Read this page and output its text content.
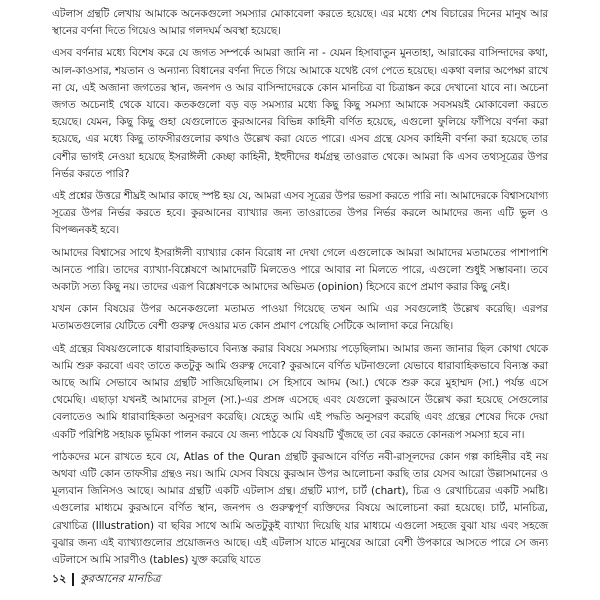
এটলাস গ্রন্থটি লেখায় আমাকে অনেকগুলো সমস্যার মোকাবেলা করতে হয়েছে। এর মধ্যে শেষ বিচারের দিনের মানুষ আর স্থানের বর্ণনা দিতে গিয়েও আমার গলদঘর্ম অবস্থা হয়েছে।

এসব বর্ণনার মধ্যে বিশেষ করে যে জগত সম্পর্কে আমরা জানি না - যেমন হিসাবাতুন মুনতাহা, আরাকের বাসিন্দাদের কথা, আল-কাওসার, শয়তান ও অন্যান্য বিধানের বর্ণনা দিতে গিয়ে আমাকে যথেষ্ট বেগ পেতে হয়েছে। একথা বলার অপেক্ষা রাখে না যে, এই অজানা জগতের স্থান, জনপদ ও আর বাসিন্দাদেরকে কোন মানচিত্র বা চিত্রাঙ্কন করে দেখানো যাবে না। অচেনা জগত অচেনাই থেকে যাবে। কতকগুলো বড় বড় সমস্যার মধ্যে কিছু কিছু সমস্যা আমাকে সবসময়ই মোকাবেলা করতে হয়েছে। যেমন, কিছু কিছু গুহা যেগুলোতে কুরআনের বিভিন্ন কাহিনী বর্ণিত হয়েছে, এগুলো ফুলিয়ে ফাঁপিয়ে বর্ণনা করা হয়েছে, এর মধ্যে কিছু তাফসীরগুলোর কথাও উল্লেখ করা যেতে পারে। এসব গ্রন্থে যেসব কাহিনী বর্ণনা করা হয়েছে তার বেশীর ভাগই নেওয়া হয়েছে ইসরাঈলী কেচ্ছা কাহিনী, ইহুদীদের ধর্মগ্রন্থ তাওরাত থেকে। আমরা কি এসব তথ্যসূত্রের উপর নির্ভর করতে পারি?

এই প্রশ্নের উত্তরে শীঘ্রই আমার কাছে স্পষ্ট হয় যে, আমরা এসব সূত্রের উপর ভরসা করতে পারি না। আমাদেরকে বিশ্বাসযোগ্য সূত্রের উপর নির্ভর করতে হবে। কুরআনের ব্যাখ্যার জন্য তাওরাতের উপর নির্ভর করলে আমাদের জন্য এটি ভুল ও বিপজ্জনকই হবে।

আমাদের বিশ্বাসের সাথে ইসরাঈলী ব্যাখ্যার কোন বিরোধ না দেখা গেলে এগুলোকে আমরা আমাদের মতামতের পাশাপাশি আনতে পারি। তাদের ব্যাখ্যা-বিশ্লেষণে আমাদেরটি মিলতেও পারে আবার না মিলতে পারে, এগুলো শুধুই সম্ভাবনা। তবে অকাট্য সত্য কিছু নয়। তাদের এরূপ বিশ্লেষণকে আমাদের অভিমত (opinion) হিসেবে রূপে প্রমাণ করার কিছু নেই।

যখন কোন বিষয়ের উপর অনেকগুলো মতামত পাওয়া গিয়েছে তখন আমি এর সবগুলোই উল্লেখ করেছি। এরপর মতামতগুলোর যেটিতে বেশী গুরুত্ব দেওয়ার মত কোন প্রমাণ পেয়েছি সেটিকে আলাদা করে নিয়েছি।

এই গ্রন্থের বিষয়গুলোকে ধারাবাহিকভাবে বিন্যস্ত করার বিষয়ে সমস্যায় পড়েছিলাম। আমার জন্য জানার ছিল কোথা থেকে আমি শুরু করবো এবং তাতে কতটুকু আমি গুরুত্ব দেবো? কুরআনে বর্ণিত ঘটনাগুলো যেভাবে ধারাবাহিকভাবে বিন্যস্ত করা আছে আমি সেভাবে আমার গ্রন্থটি সাজিয়েছিলাম। সে হিসাবে আদম (আ.) থেকে শুরু করে মুহাম্মদ (সা.) পর্যন্ত এসে থেমেছি। এছাড়া যখনই আমাদের রাসূল (সা.)-এর প্রসঙ্গ এসেছে এবং যেগুলো কুরআনে উল্লেখ করা হয়েছে সেগুলোর বেলাতেও আমি ধারাবাহিকতা অনুসরণ করেছি। যেহেতু আমি এই পদ্ধতি অনুসরণ করেছি এবং গ্রন্থের শেষের দিকে দেয়া একটি পরিশিষ্ট সহায়ক ভূমিকা পালন করবে যে জন্য পাঠকে যে বিষয়টি খুঁজছে তা বের করতে কোনরূপ সমস্যা হবে না।

পাঠকদের মনে রাখতে হবে যে, Atlas of the Quran গ্রন্থটি কুরআনে বর্ণিত নবী-রাসূলদের কোন গল্প কাহিনীর বই নয় অথবা এটি কোন তাফসীর গ্রন্থও নয়। আমি যেসব বিষয়ে কুরআন উপর আলোচনা করছি তার যেসব আরো উল্লাসমানের ও মূল্যবান জিনিসও আছে। আমার গ্রন্থটি একটি এটলাস গ্রন্থ। গ্রন্থটি ম্যাপ, চার্ট (chart), চিত্র ও রেখাচিত্রের একটি সমষ্টি। এগুলোর মাধ্যমে কুরআনে বর্ণিত স্থান, জনপদ ও গুরুত্বপূর্ণ ব্যক্তিদের বিষয়ে আলোচনা করা হয়েছে। চার্ট, মানচিত্র, রেখাচিত্র (Illustration) বা ছবির সাথে আমি অতটুকুই ব্যাখ্যা দিয়েছি যার মাধ্যমে এগুলো সহজে বুঝা যায় এবং সহজে বুঝার জন্য এই ব্যাখ্যাগুলোর প্রয়োজনও আছে। এই এটলাস যাতে মানুষের আরো বেশী উপকারে আসতে পারে সে জন্য এটলাসে আমি সারণীও (tables) যুক্ত করেছি যাতে

১২ কুরআনের মানচিত্র
